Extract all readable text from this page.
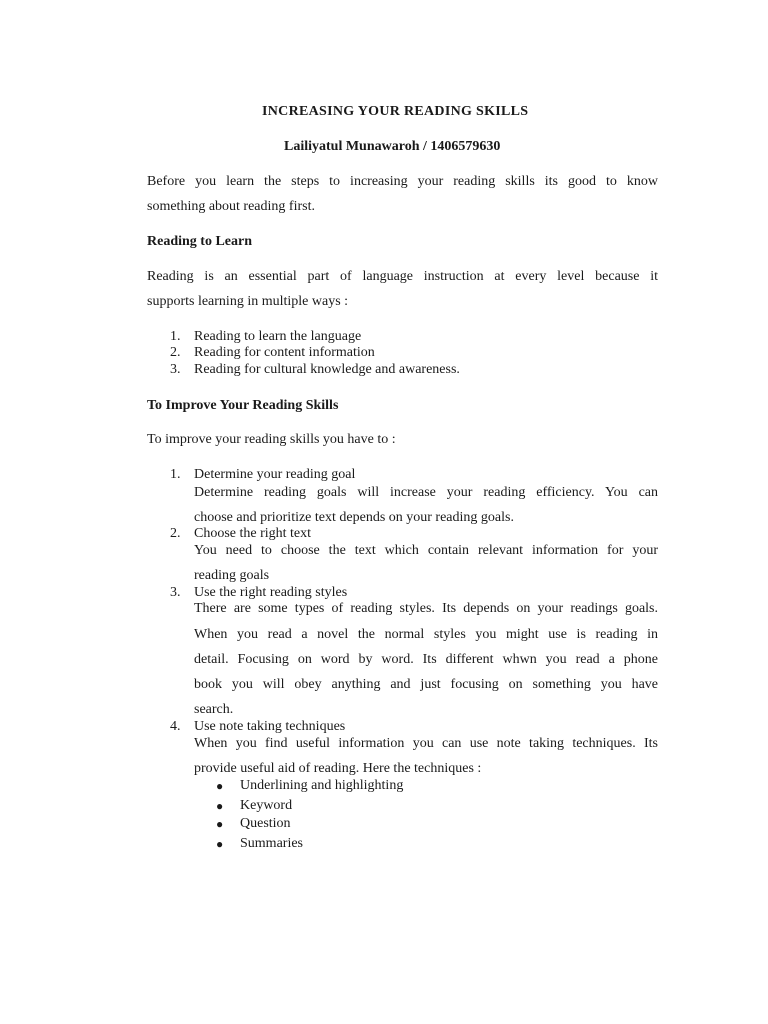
INCREASING YOUR READING SKILLS
Lailiyatul Munawaroh / 1406579630
Before you learn the steps to increasing your reading skills its good to know
something about reading first.
Reading to Learn
Reading is an essential part of language instruction at every level because it
supports learning in multiple ways :
1. Reading to learn the language
2. Reading for content information
3. Reading for cultural knowledge and awareness.
To Improve Your Reading Skills
To improve your reading skills you have to :
1. Determine your reading goal
Determine reading goals will increase your reading efficiency. You can
choose and prioritize text depends on your reading goals.
2. Choose the right text
You need to choose the text which contain relevant information for your
reading goals
3. Use the right reading styles
There are some types of reading styles. Its depends on your readings goals.
When you read a novel the normal styles you might use is reading in
detail. Focusing on word by word. Its different whwn you read a phone
book you will obey anything and just focusing on something you have
search.
4. Use note taking techniques
When you find useful information you can use note taking techniques. Its
provide useful aid of reading. Here the techniques :
● Underlining and highlighting
● Keyword
● Question
● Summaries
